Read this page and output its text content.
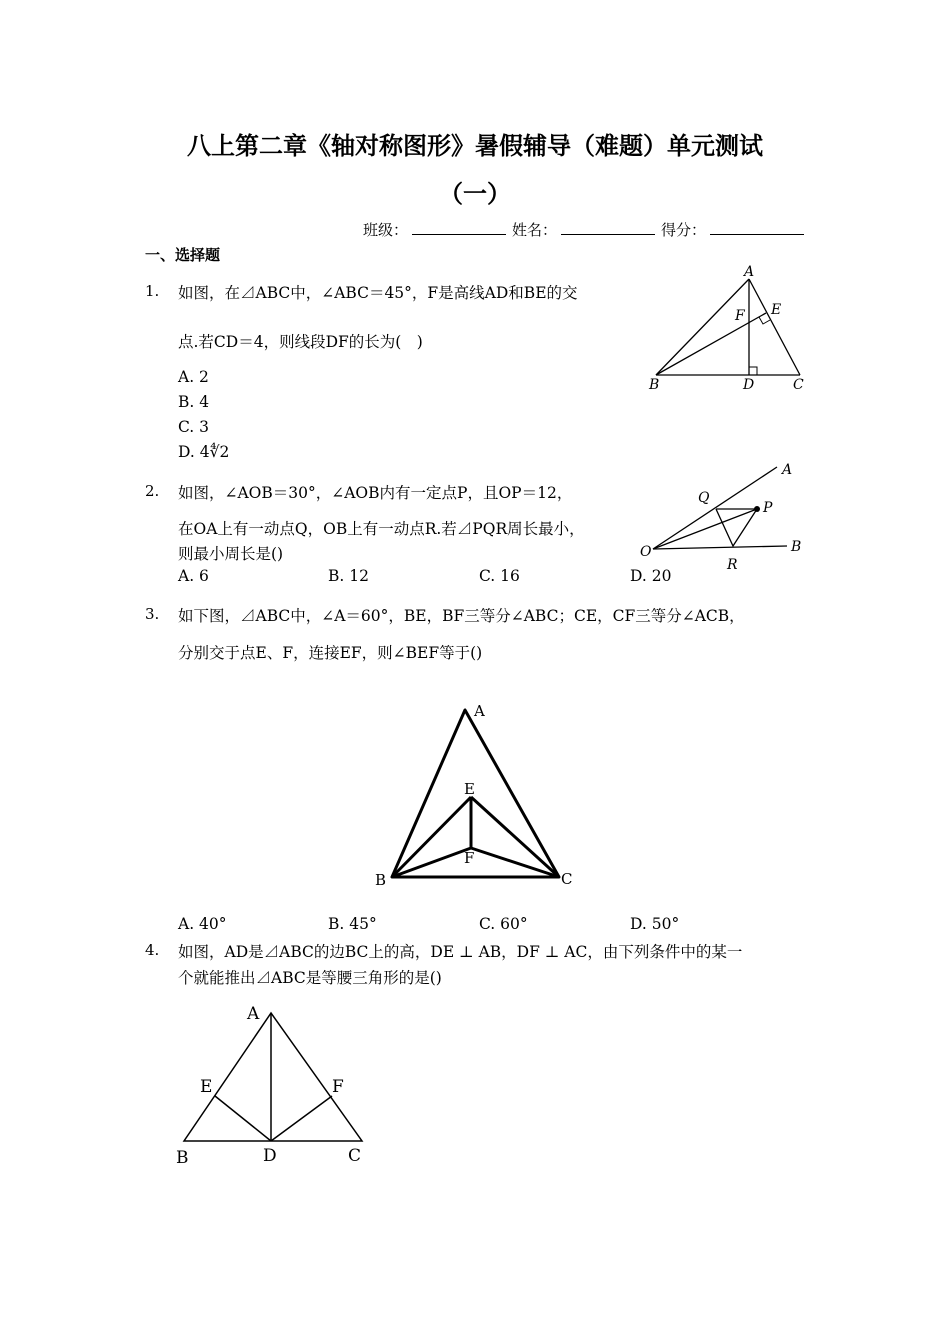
八上第二章《轴对称图形》暑假辅导（难题）单元测试
（一）
班级：	姓名：	得分：
一、选择题
1. 如图，在⊿ABC中，∠ABC＝45°，F是高线AD和BE的交
点.若CD＝4，则线段DF的长为(　)
A. 2
B. 4
C. 3
D. 4∜2
A
B	C
D
E
F
2. 如图，∠AOB＝30°，∠AOB内有一定点P，且OP＝12，
在OA上有一动点Q，OB上有一动点R.若⊿PQR周长最小，
则最小周长是()
A. 6	B. 12	C. 16	D. 20
A
B
O
P
Q
R
3. 如下图，⊿ABC中，∠A＝60°，BE，BF三等分∠ABC；CE，CF三等分∠ACB，
分别交于点E、F，连接EF，则∠BEF等于()
A
B	C
E
F
A. 40°	B. 45°	C. 60°	D. 50°
4. 如图，AD是⊿ABC的边BC上的高，DE ⊥ AB，DF ⊥ AC，由下列条件中的某一
个就能推出⊿ABC是等腰三角形的是()
A
B	C
D
E	F
